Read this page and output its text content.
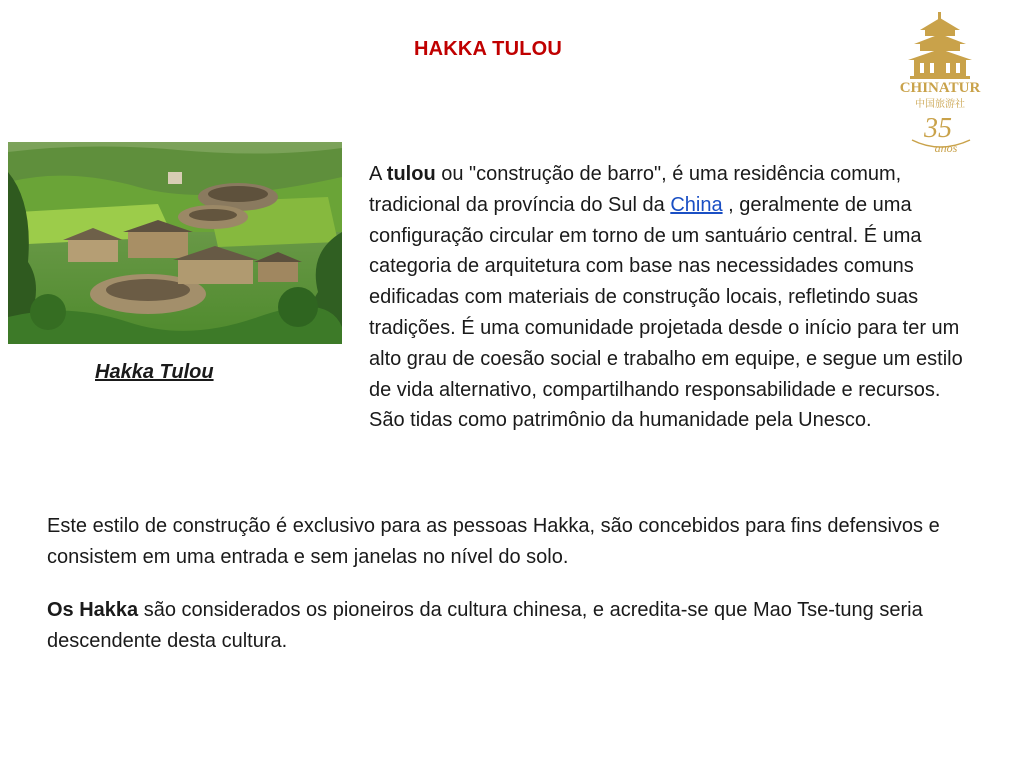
HAKKA TULOU
CHINATUR
中国旅游社
35
anos
Hakka Tulou
A tulou ou "construção de barro", é uma residência comum, tradicional da província do Sul da China , geralmente de uma configuração circular em torno de um santuário central. É uma categoria de arquitetura com base nas necessidades comuns edificadas com materiais de construção locais, refletindo suas tradições. É uma comunidade projetada desde o início para ter um alto grau de coesão social e trabalho em equipe, e segue um estilo de vida alternativo, compartilhando responsabilidade e recursos. São tidas como patrimônio da humanidade pela Unesco.
Este estilo de construção é exclusivo para as pessoas Hakka, são concebidos para fins defensivos e consistem em uma entrada e sem janelas no nível do solo.
Os Hakka são considerados os pioneiros da cultura chinesa, e acredita-se que Mao Tse-tung seria descendente desta cultura.
